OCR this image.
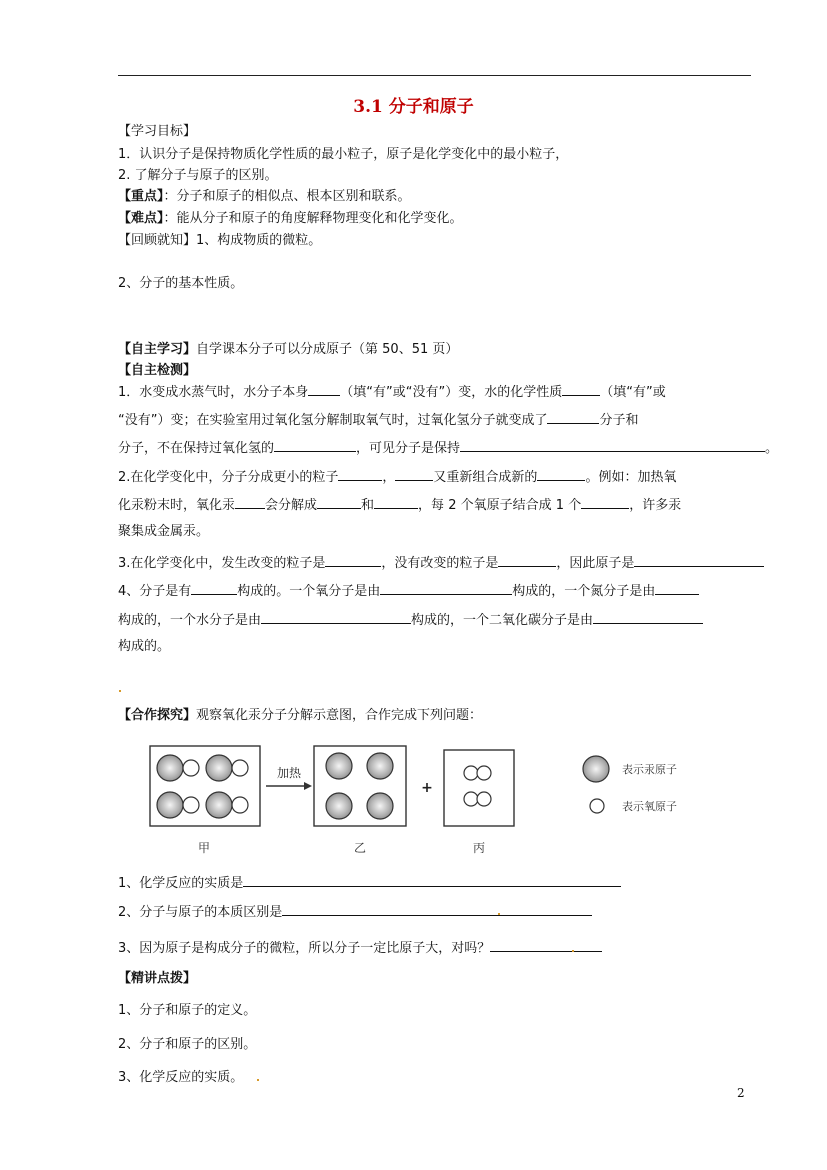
3.1 分子和原子
【学习目标】
1．认识分子是保持物质化学性质的最小粒子，原子是化学变化中的最小粒子，
2. 了解分子与原子的区别。
【重点】：分子和原子的相似点、根本区别和联系。
【难点】：能从分子和原子的角度解释物理变化和化学变化。
【回顾就知】1、构成物质的微粒。
2、分子的基本性质。
【自主学习】自学课本分子可以分成原子（第 50、51 页）
【自主检测】
1．水变成水蒸气时，水分子本身 （填“有”或“没有”）变，水的化学性质	（填“有”或
“没有”）变；在实验室用过氧化氢分解制取氧气时，过氧化氢分子就变成了	分子和
分子，不在保持过氧化氢的	，可见分子是保持	。
2.在化学变化中，分子分成更小的粒子	，	又重新组合成新的	。例如：加热氧
化汞粉末时，氧化汞 会分解成	和	，每 2 个氧原子结合成 1 个	，许多汞
聚集成金属汞。
3.在化学变化中，发生改变的粒子是	，没有改变的粒子是	，因此原子是
4、分子是有	构成的。一个氧分子是由	构成的，一个氮分子是由
构成的，一个水分子是由	构成的，一个二氧化碳分子是由
构成的。
【合作探究】观察氧化汞分子分解示意图，合作完成下列问题：
加热
+
甲	乙	丙
表示汞原子
表示氧原子
1、化学反应的实质是
2、分子与原子的本质区别是
3、因为原子是构成分子的微粒，所以分子一定比原子大，对吗？
【精讲点拨】
1、分子和原子的定义。
2、分子和原子的区别。
3、化学反应的实质。
2
